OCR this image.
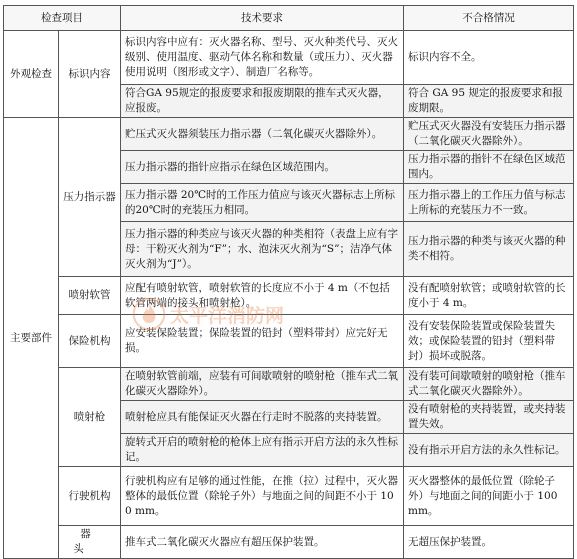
检查项目		技术要求	不合格情况
外观检查	标识内容	标识内容中应有：灭火器名称、型号、灭火种类代号、灭火级别、使用温度、驱动气体名称和数量（或压力）、灭火器使用说明（图形或文字）、制造厂名称等。	标识内容不全。
		符合GA 95规定的报废要求和报废期限的推车式灭火器，应报废。	符合 GA 95 规定的报废要求和报废期限。
主要部件	压力指示器	贮压式灭火器须装压力指示器（二氧化碳灭火器除外）。	贮压式灭火器没有安装压力指示器（二氧化碳灭火器除外）。
		压力指示器的指针应指示在绿色区域范围内。	压力指示器的指针不在绿色区域范围内。
		压力指示器 20℃时的工作压力值应与该灭火器标志上所标的20℃时的充装压力相同。	压力指示器上的工作压力值与标志上所标的充装压力不一致。
		压力指示器的种类应与该灭火器的种类相符（表盘上应有字母：干粉灭火剂为“F”；水、泡沫灭火剂为“S”；洁净气体灭火剂为“J”）。	压力指示器的种类与该灭火器的种类不相符。
	喷射软管	应配有喷射软管，喷射软管的长度应不小于 4 m（不包括软管两端的接头和喷射枪）。	没有配喷射软管；或喷射软管的长度小于 4 m。
	保险机构	应安装保险装置；保险装置的铅封（塑料带封）应完好无损。	没有安装保险装置或保险装置失效；或保险装置的铅封（塑料带封）损坏或脱落。
	喷射枪	在喷射软管前端，应装有可间歇喷射的喷射枪（推车式二氧化碳灭火器除外）。	没有装可间歇喷射的喷射枪（推车式二氧化碳灭火器除外）。
		喷射枪应具有能保证灭火器在行走时不脱落的夹持装置。	没有喷射枪的夹持装置，或夹持装置失效。
		旋转式开启的喷射枪的枪体上应有指示开启方法的永久性标记。	没有指示开启方法的永久性标记。
	行驶机构	行驶机构应有足够的通过性能，在推（拉）过程中，灭火器整体的最低位置（除轮子外）与地面之间的间距不小于 100 mm。	灭火器整体的最低位置（除轮子外）与地面之间的间距小于 100 mm。
	器 头	推车式二氧化碳灭火器应有超压保护装置。	无超压保护装置。
太平洋消防网
